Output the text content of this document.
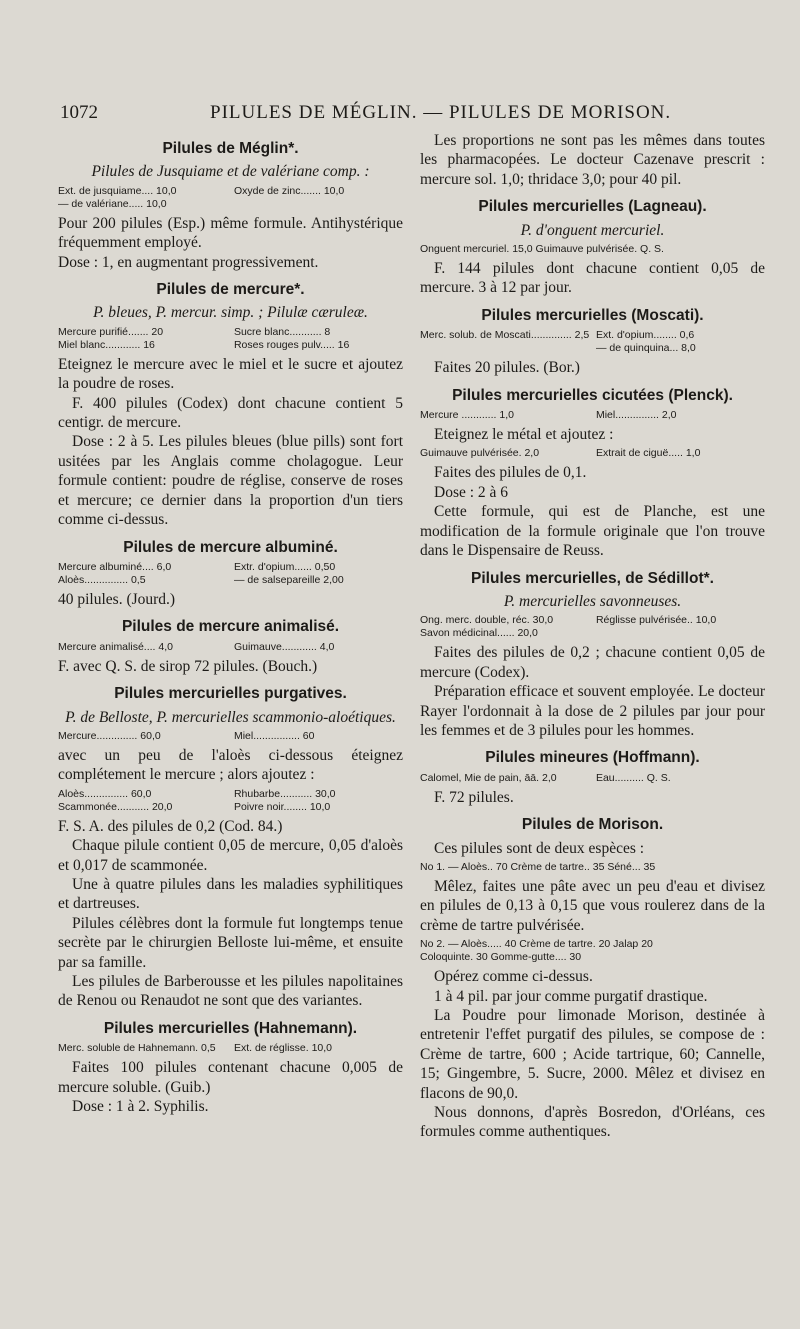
1072	PILULES DE MÉGLIN. — PILULES DE MORISON.
Pilules de Méglin*.
Pilules de Jusquiame et de valériane comp. :
Ext. de jusquiame.... 10,0	Oxyde de zinc....... 10,0
— de valériane..... 10,0

Pour 200 pilules (Esp.) même formule. Antihystérique fréquemment employé.

Dose : 1, en augmentant progressivement.

Pilules de mercure*.
P. bleues, P. mercur. simp. ; Pilulæ cæruleæ.
Mercure purifié....... 20	Sucre blanc........... 8
Miel blanc............ 16	Roses rouges pulv..... 16

Eteignez le mercure avec le miel et le sucre et ajoutez la poudre de roses.

F. 400 pilules (Codex) dont chacune contient 5 centigr. de mercure.

Dose : 2 à 5. Les pilules bleues (blue pills) sont fort usitées par les Anglais comme cholagogue. Leur formule contient: poudre de réglise, conserve de roses et mercure; ce dernier dans la proportion d'un tiers comme ci-dessus.

Pilules de mercure albuminé.
Mercure albuminé.... 6,0	Extr. d'opium...... 0,50
Aloès............... 0,5	— de salsepareille 2,00

40 pilules. (Jourd.)

Pilules de mercure animalisé.
Mercure animalisé.... 4,0	Guimauve............ 4,0

F. avec Q. S. de sirop 72 pilules. (Bouch.)

Pilules mercurielles purgatives.
P. de Belloste, P. mercurielles scammonio-aloétiques.
Mercure.............. 60,0	Miel................ 60

avec un peu de l'aloès ci-dessous éteignez complétement le mercure ; alors ajoutez :

Aloès............... 60,0	Rhubarbe........... 30,0
Scammonée........... 20,0	Poivre noir........ 10,0

F. S. A. des pilules de 0,2 (Cod. 84.)

Chaque pilule contient 0,05 de mercure, 0,05 d'aloès et 0,017 de scammonée.

Une à quatre pilules dans les maladies syphilitiques et dartreuses.

Pilules célèbres dont la formule fut longtemps tenue secrète par le chirurgien Belloste lui-même, et ensuite par sa famille.

Les pilules de Barberousse et les pilules napolitaines de Renou ou Renaudot ne sont que des variantes.

Pilules mercurielles (Hahnemann).
Merc. soluble de Hahnemann. 0,5	Ext. de réglisse. 10,0

Faites 100 pilules contenant chacune 0,005 de mercure soluble. (Guib.)

Dose : 1 à 2. Syphilis.

Les proportions ne sont pas les mêmes dans toutes les pharmacopées. Le docteur Cazenave prescrit : mercure sol. 1,0; thridace 3,0; pour 40 pil.

Pilules mercurielles (Lagneau).
P. d'onguent mercuriel.
Onguent mercuriel. 15,0 Guimauve pulvérisée. Q. S.

F. 144 pilules dont chacune contient 0,05 de mercure. 3 à 12 par jour.

Pilules mercurielles (Moscati).
Merc. solub. de Moscati.............. 2,5 Ext. d'opium........ 0,6
— de quinquina... 8,0

Faites 20 pilules. (Bor.)

Pilules mercurielles cicutées (Plenck).
Mercure ............ 1,0	Miel............... 2,0

Eteignez le métal et ajoutez :

Guimauve pulvérisée. 2,0	Extrait de ciguë..... 1,0

Faites des pilules de 0,1.

Dose : 2 à 6

Cette formule, qui est de Planche, est une modification de la formule originale que l'on trouve dans le Dispensaire de Reuss.

Pilules mercurielles, de Sédillot*.
P. mercurielles savonneuses.
Ong. merc. double, réc. 30,0	Réglisse pulvérisée.. 10,0
Savon médicinal...... 20,0

Faites des pilules de 0,2 ; chacune contient 0,05 de mercure (Codex).

Préparation efficace et souvent employée. Le docteur Rayer l'ordonnait à la dose de 2 pilules par jour pour les femmes et de 3 pilules pour les hommes.

Pilules mineures (Hoffmann).
Calomel, Mie de pain, āā. 2,0	Eau.......... Q. S.

F. 72 pilules.

Pilules de Morison.

Ces pilules sont de deux espèces :

No 1. — Aloès.. 70 Crème de tartre.. 35 Séné... 35

Mêlez, faites une pâte avec un peu d'eau et divisez en pilules de 0,13 à 0,15 que vous roulerez dans de la crème de tartre pulvérisée.

No 2. — Aloès..... 40 Crème de tartre. 20 Jalap 20
Coloquinte. 30 Gomme-gutte.... 30

Opérez comme ci-dessus.

1 à 4 pil. par jour comme purgatif drastique.

La Poudre pour limonade Morison, destinée à entretenir l'effet purgatif des pilules, se compose de : Crème de tartre, 600 ; Acide tartrique, 60; Cannelle, 15; Gingembre, 5. Sucre, 2000. Mêlez et divisez en flacons de 90,0.

Nous donnons, d'après Bosredon, d'Orléans, ces formules comme authentiques.
